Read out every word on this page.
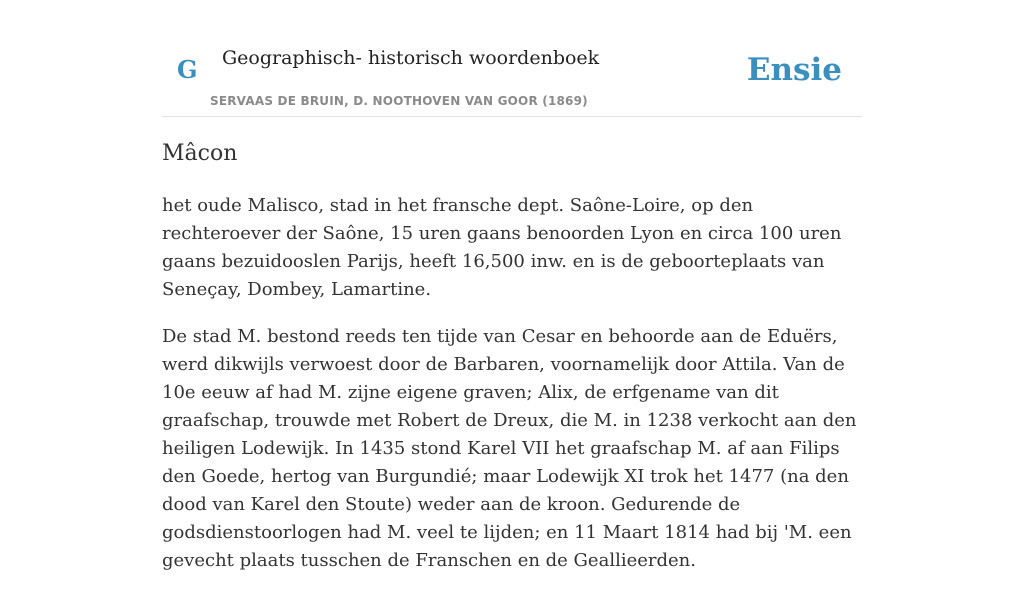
G Geographisch- historisch woordenboek
SERVAAS DE BRUIN, D. NOOTHOVEN VAN GOOR (1869)
Ensie
Mâcon

het oude Malisco, stad in het fransche dept. Saône-Loire, op den rechteroever der Saône, 15 uren gaans benoorden Lyon en circa 100 uren gaans bezuidooslen Parijs, heeft 16,500 inw. en is de geboorteplaats van Seneçay, Dombey, Lamartine.

De stad M. bestond reeds ten tijde van Cesar en behoorde aan de Eduërs, werd dikwijls verwoest door de Barbaren, voornamelijk door Attila. Van de 10e eeuw af had M. zijne eigene graven; Alix, de erfgename van dit graafschap, trouwde met Robert de Dreux, die M. in 1238 verkocht aan den heiligen Lodewijk. In 1435 stond Karel VII het graafschap M. af aan Filips den Goede, hertog van Burgundié; maar Lodewijk XI trok het 1477 (na den dood van Karel den Stoute) weder aan de kroon. Gedurende de godsdienstoorlogen had M. veel te lijden; en 11 Maart 1814 had bij 'M. een gevecht plaats tusschen de Franschen en de Geallieerden.
